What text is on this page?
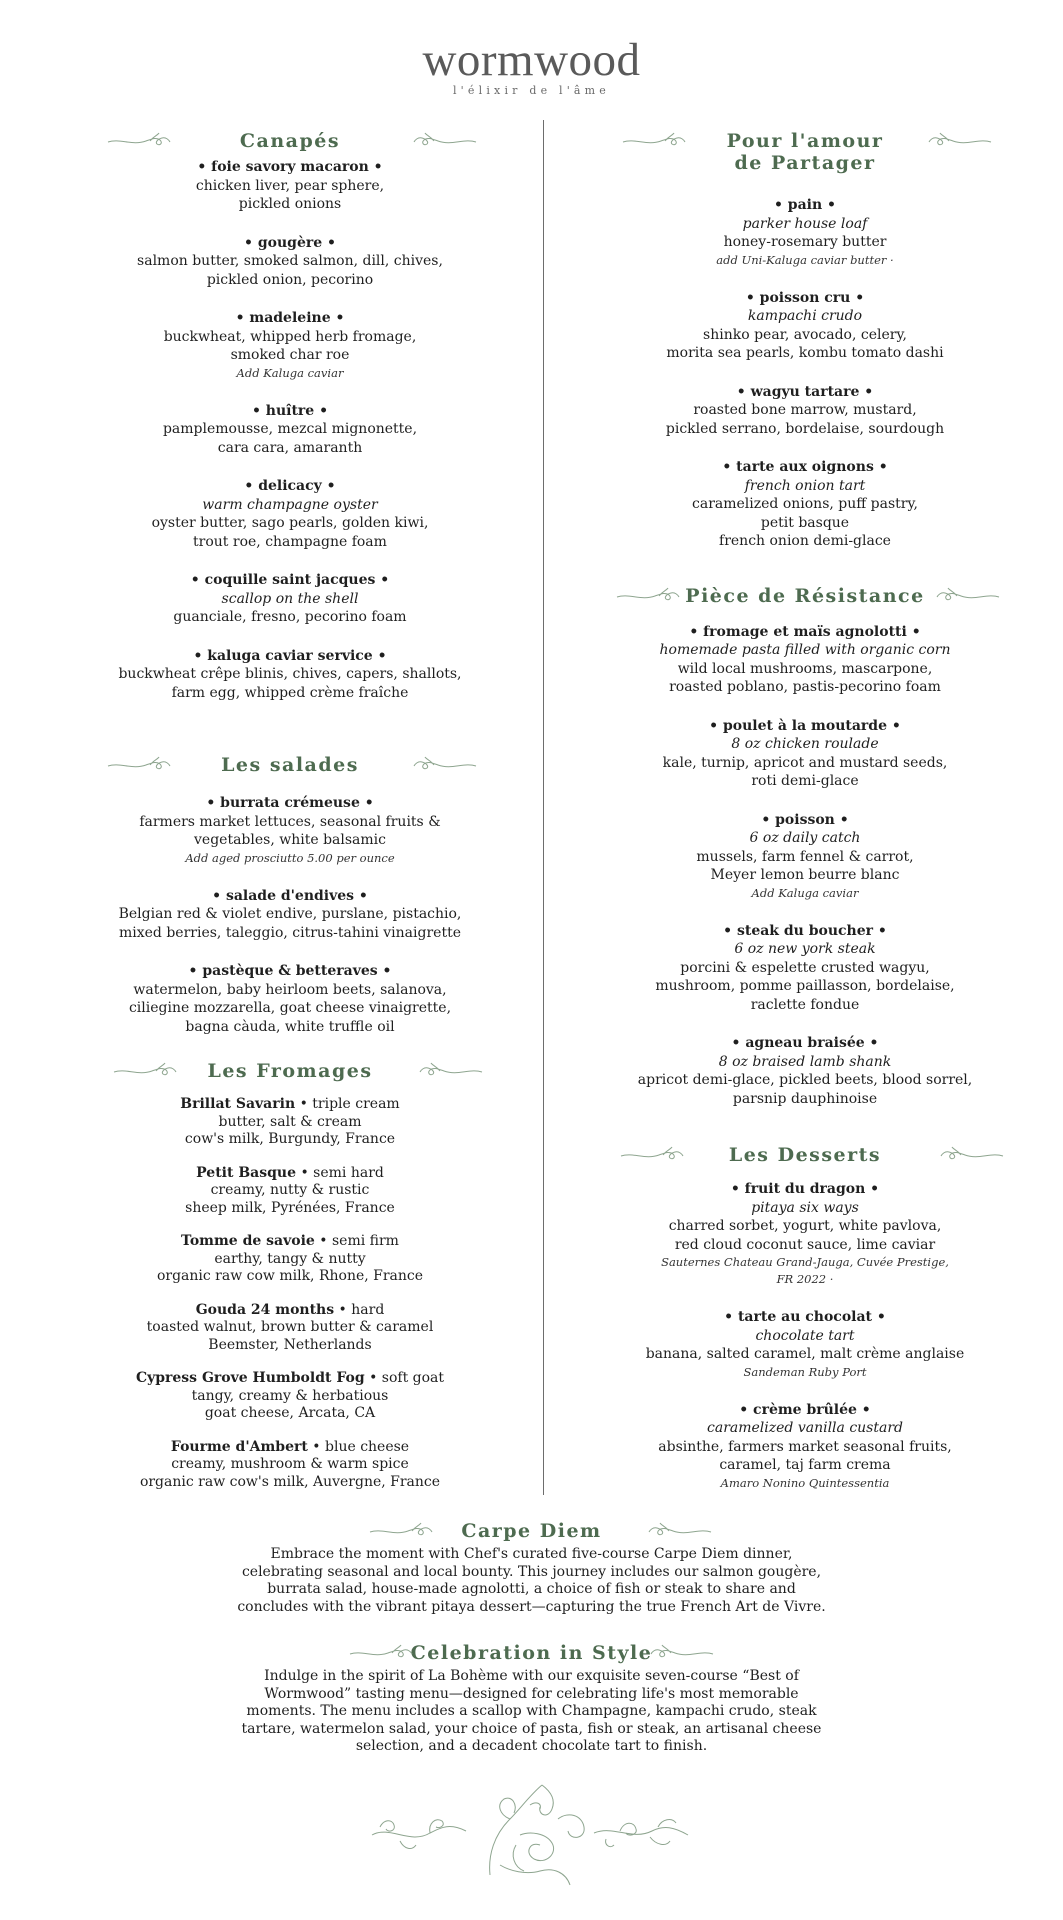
wormwood
l'élixir de l'âme
Canapés
• foie savory macaron •
chicken liver, pear sphere,
pickled onions
• gougère •
salmon butter, smoked salmon, dill, chives,
pickled onion, pecorino
• madeleine •
buckwheat, whipped herb fromage,
smoked char roe
Add Kaluga caviar
• huître •
pamplemousse, mezcal mignonette,
cara cara, amaranth
• delicacy •
warm champagne oyster
oyster butter, sago pearls, golden kiwi,
trout roe, champagne foam
• coquille saint jacques •
scallop on the shell
guanciale, fresno, pecorino foam
• kaluga caviar service •
buckwheat crêpe blinis, chives, capers, shallots,
farm egg, whipped crème fraîche
Les salades
• burrata crémeuse •
farmers market lettuces, seasonal fruits &
vegetables, white balsamic
Add aged prosciutto 5.00 per ounce
• salade d'endives •
Belgian red & violet endive, purslane, pistachio,
mixed berries, taleggio, citrus-tahini vinaigrette
• pastèque & betteraves •
watermelon, baby heirloom beets, salanova,
ciliegine mozzarella, goat cheese vinaigrette,
bagna càuda, white truffle oil
Les Fromages
Brillat Savarin • triple cream
butter, salt & cream
cow's milk, Burgundy, France
Petit Basque • semi hard
creamy, nutty & rustic
sheep milk, Pyrénées, France
Tomme de savoie • semi firm
earthy, tangy & nutty
organic raw cow milk, Rhone, France
Gouda 24 months • hard
toasted walnut, brown butter & caramel
Beemster, Netherlands
Cypress Grove Humboldt Fog • soft goat
tangy, creamy & herbatious
goat cheese, Arcata, CA
Fourme d'Ambert • blue cheese
creamy, mushroom & warm spice
organic raw cow's milk, Auvergne, France
Pour l'amour
de Partager
• pain •
parker house loaf
honey-rosemary butter
add Uni-Kaluga caviar butter ·
• poisson cru •
kampachi crudo
shinko pear, avocado, celery,
morita sea pearls, kombu tomato dashi
• wagyu tartare •
roasted bone marrow, mustard,
pickled serrano, bordelaise, sourdough
• tarte aux oignons •
french onion tart
caramelized onions, puff pastry,
petit basque
french onion demi-glace
Pièce de Résistance
• fromage et maïs agnolotti •
homemade pasta filled with organic corn
wild local mushrooms, mascarpone,
roasted poblano, pastis-pecorino foam
• poulet à la moutarde •
8 oz chicken roulade
kale, turnip, apricot and mustard seeds,
roti demi-glace
• poisson •
6 oz daily catch
mussels, farm fennel & carrot,
Meyer lemon beurre blanc
Add Kaluga caviar
• steak du boucher •
6 oz new york steak
porcini & espelette crusted wagyu,
mushroom, pomme paillasson, bordelaise,
raclette fondue
• agneau braisée •
8 oz braised lamb shank
apricot demi-glace, pickled beets, blood sorrel,
parsnip dauphinoise
Les Desserts
• fruit du dragon •
pitaya six ways
charred sorbet, yogurt, white pavlova,
red cloud coconut sauce, lime caviar
Sauternes Chateau Grand-Jauga, Cuvée Prestige,
FR 2022 ·
• tarte au chocolat •
chocolate tart
banana, salted caramel, malt crème anglaise
Sandeman Ruby Port
• crème brûlée •
caramelized vanilla custard
absinthe, farmers market seasonal fruits,
caramel, taj farm crema
Amaro Nonino Quintessentia
Carpe Diem
Embrace the moment with Chef's curated five-course Carpe Diem dinner,
celebrating seasonal and local bounty. This journey includes our salmon gougère,
burrata salad, house-made agnolotti, a choice of fish or steak to share and
concludes with the vibrant pitaya dessert—capturing the true French Art de Vivre.
Celebration in Style
Indulge in the spirit of La Bohème with our exquisite seven-course “Best of
Wormwood” tasting menu—designed for celebrating life's most memorable
moments. The menu includes a scallop with Champagne, kampachi crudo, steak
tartare, watermelon salad, your choice of pasta, fish or steak, an artisanal cheese
selection, and a decadent chocolate tart to finish.
